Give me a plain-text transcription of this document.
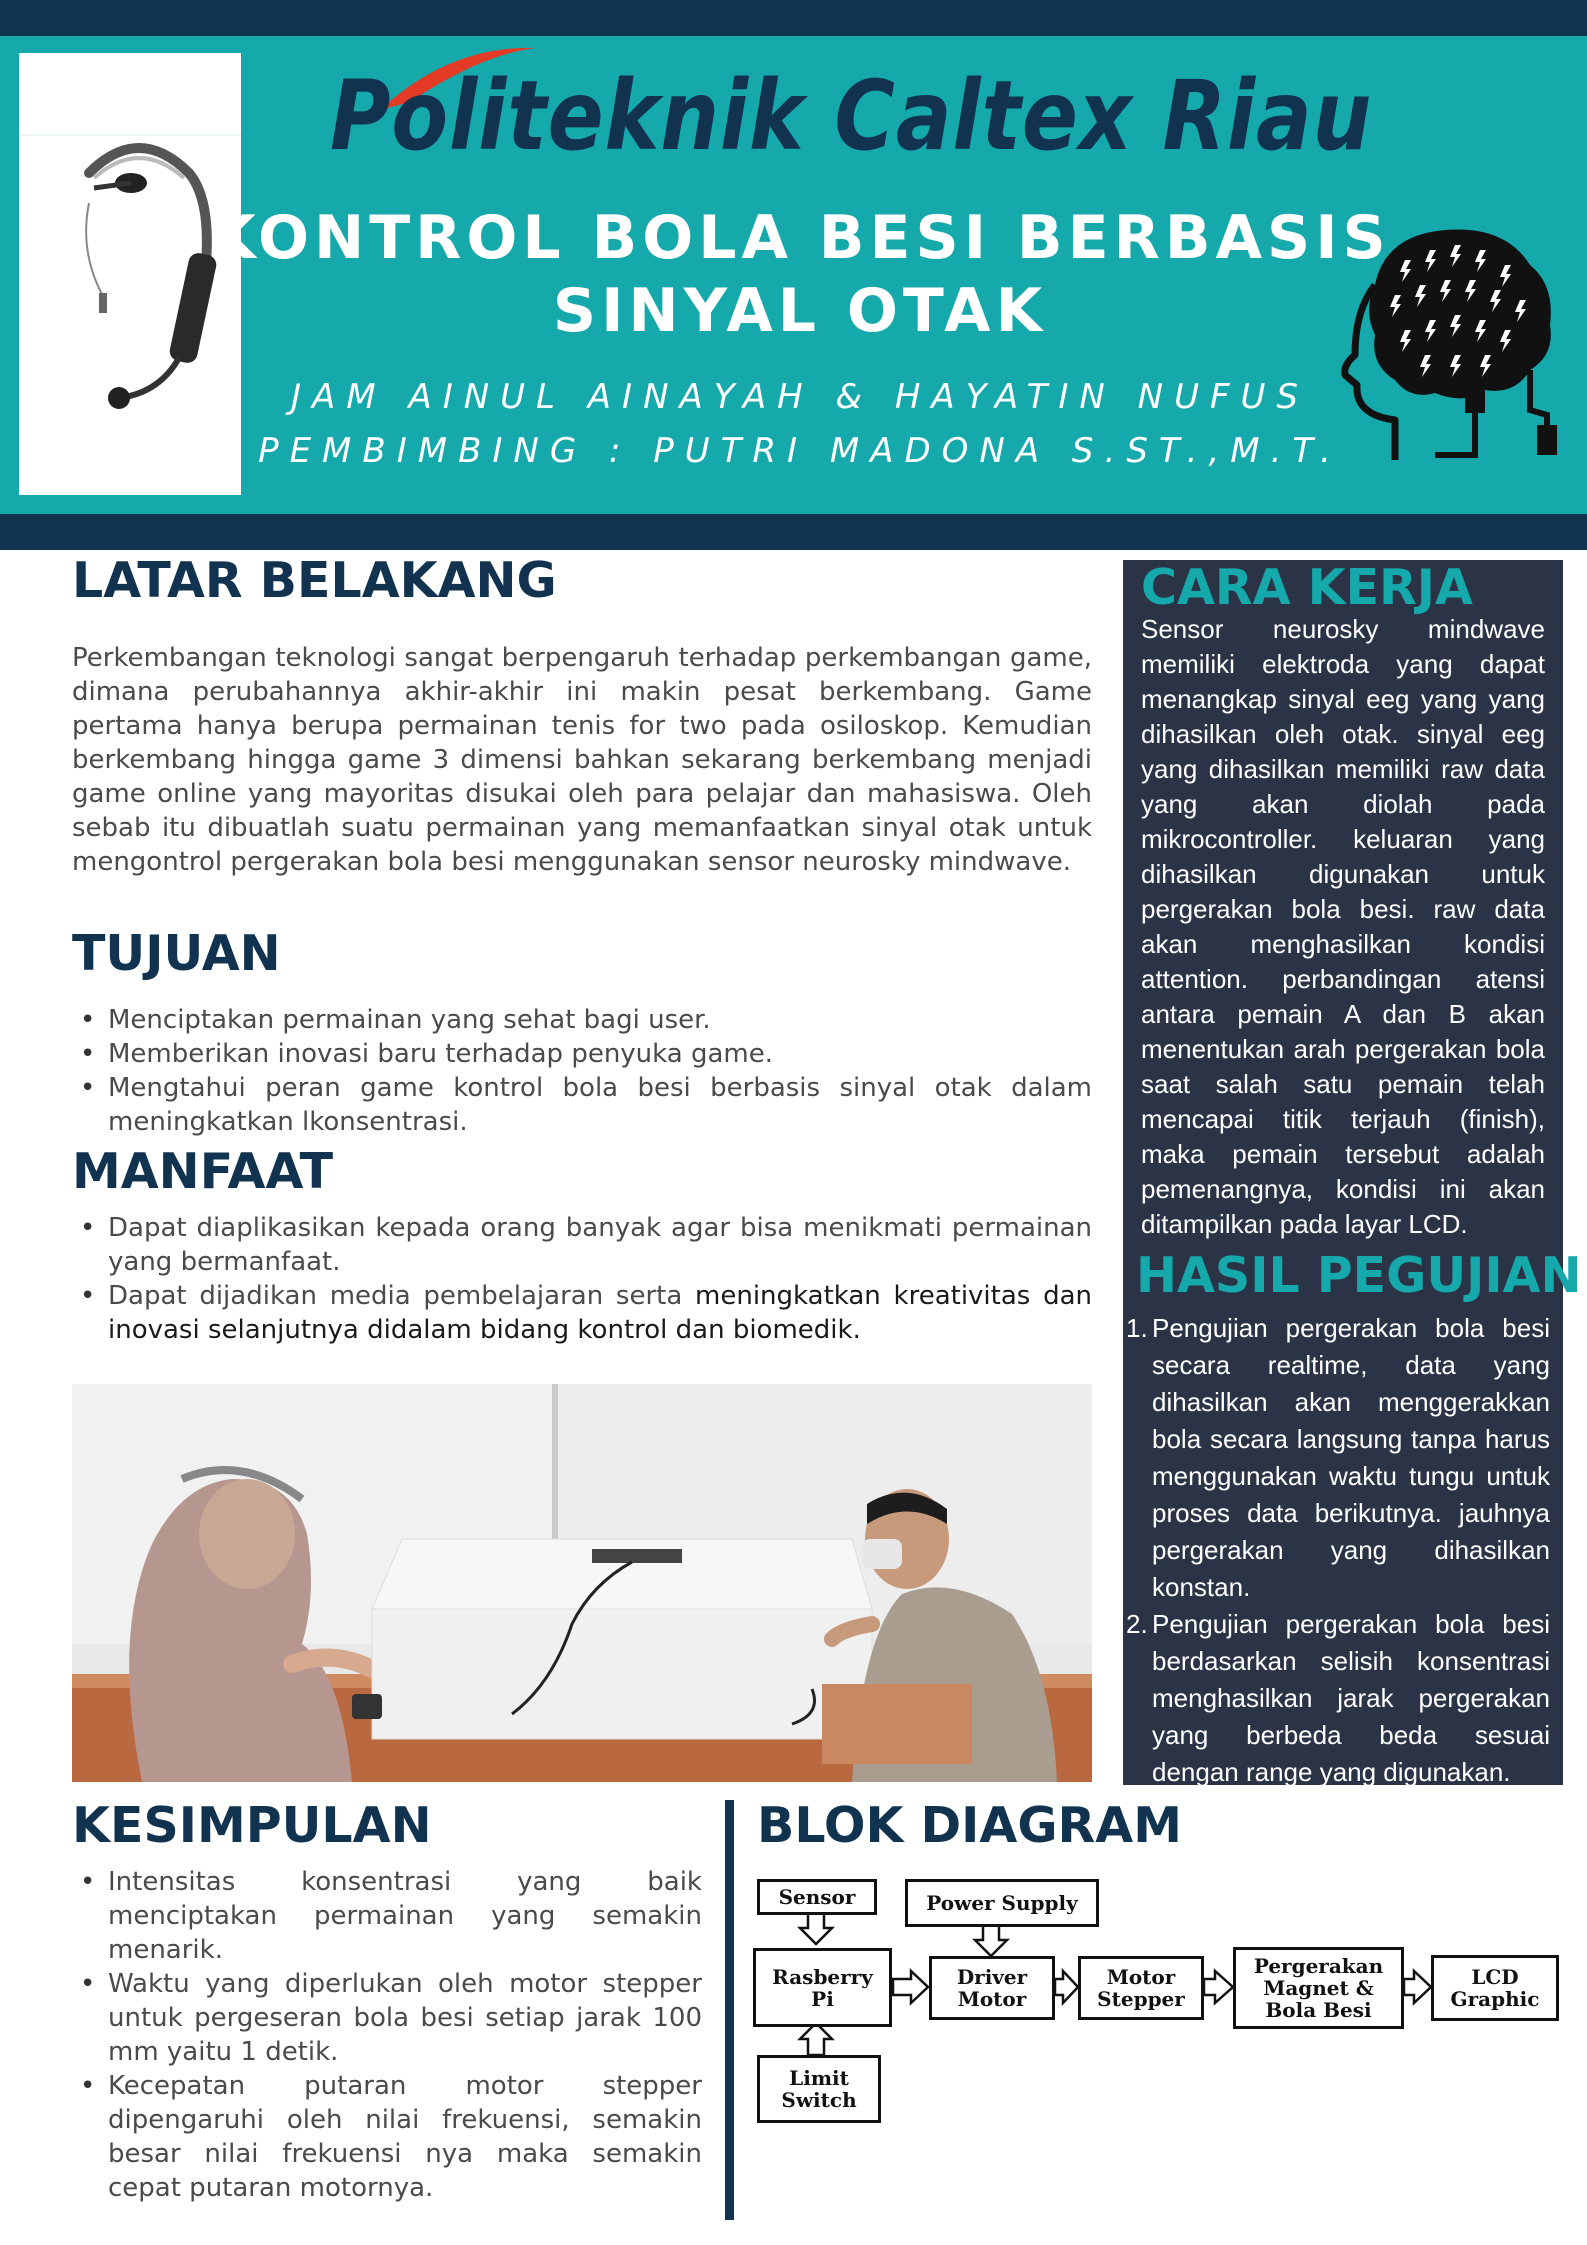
Politeknik Caltex Riau
KONTROL BOLA BESI BERBASIS
SINYAL OTAK
JAM AINUL AINAYAH & HAYATIN NUFUS
PEMBIMBING : PUTRI MADONA S.ST.,M.T.
LATAR BELAKANG
Perkembangan teknologi sangat berpengaruh terhadap perkembangan game, dimana perubahannya akhir-akhir ini makin pesat berkembang. Game pertama hanya berupa permainan tenis for two pada osiloskop. Kemudian berkembang hingga game 3 dimensi bahkan sekarang berkembang menjadi game online yang mayoritas disukai oleh para pelajar dan mahasiswa. Oleh sebab itu dibuatlah suatu permainan yang memanfaatkan sinyal otak untuk mengontrol pergerakan bola besi menggunakan sensor neurosky mindwave.
TUJUAN
• Menciptakan permainan yang sehat bagi user.
• Memberikan inovasi baru terhadap penyuka game.
• Mengtahui peran game kontrol bola besi berbasis sinyal otak dalam meningkatkan lkonsentrasi.
MANFAAT
• Dapat diaplikasikan kepada orang banyak agar bisa menikmati permainan yang bermanfaat.
• Dapat dijadikan media pembelajaran serta meningkatkan kreativitas dan inovasi selanjutnya didalam bidang kontrol dan biomedik.
CARA KERJA
Sensor neurosky mindwave memiliki elektroda yang dapat menangkap sinyal eeg yang yang dihasilkan oleh otak. sinyal eeg yang dihasilkan memiliki raw data yang akan diolah pada mikrocontroller. keluaran yang dihasilkan digunakan untuk pergerakan bola besi. raw data akan menghasilkan kondisi attention. perbandingan atensi antara pemain A dan B akan menentukan arah pergerakan bola saat salah satu pemain telah mencapai titik terjauh (finish), maka pemain tersebut adalah pemenangnya, kondisi ini akan ditampilkan pada layar LCD.
HASIL PEGUJIAN
1. Pengujian pergerakan bola besi secara realtime, data yang dihasilkan akan menggerakkan bola secara langsung tanpa harus menggunakan waktu tungu untuk proses data berikutnya. jauhnya pergerakan yang dihasilkan konstan.
2. Pengujian pergerakan bola besi berdasarkan selisih konsentrasi menghasilkan jarak pergerakan yang berbeda beda sesuai dengan range yang digunakan.
KESIMPULAN
• Intensitas konsentrasi yang baik menciptakan permainan yang semakin menarik.
• Waktu yang diperlukan oleh motor stepper untuk pergeseran bola besi setiap jarak 100 mm yaitu 1 detik.
• Kecepatan putaran motor stepper dipengaruhi oleh nilai frekuensi, semakin besar nilai frekuensi nya maka semakin cepat putaran motornya.
BLOK DIAGRAM
Sensor	Power Supply
Rasberry
Pi
Driver
Motor
Motor
Stepper
Pergerakan
Magnet &
Bola Besi
LCD
Graphic
Limit
Switch
